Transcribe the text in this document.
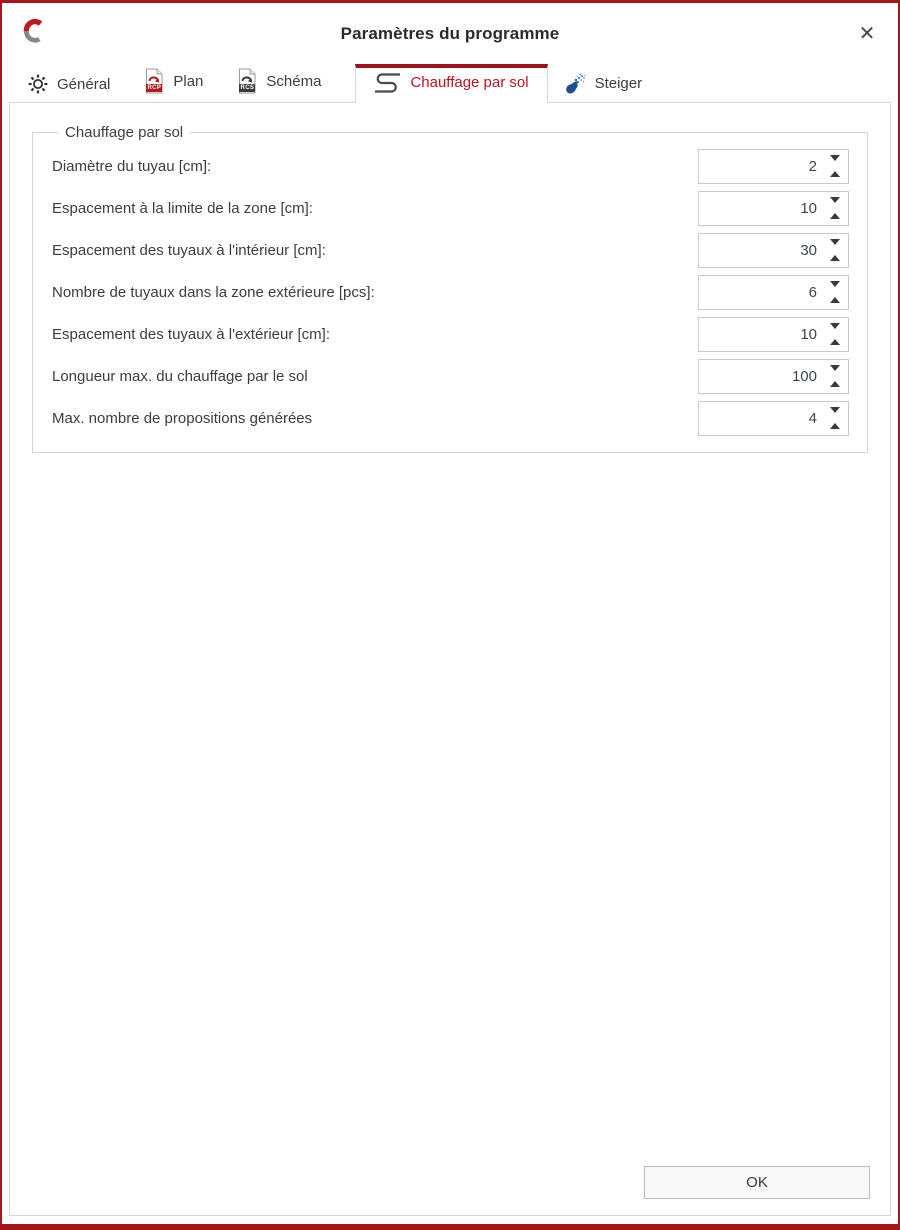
Paramètres du programme	✕
Général	RCP Plan	RCS Schéma	Chauffage par sol	Steiger
Chauffage par sol
Diamètre du tuyau [cm]:
2
Espacement à la limite de la zone [cm]:
10
Espacement des tuyaux à l'intérieur [cm]:
30
Nombre de tuyaux dans la zone extérieure [pcs]:
6
Espacement des tuyaux à l'extérieur [cm]:
10
Longueur max. du chauffage par le sol
100
Max. nombre de propositions générées
4
OK
